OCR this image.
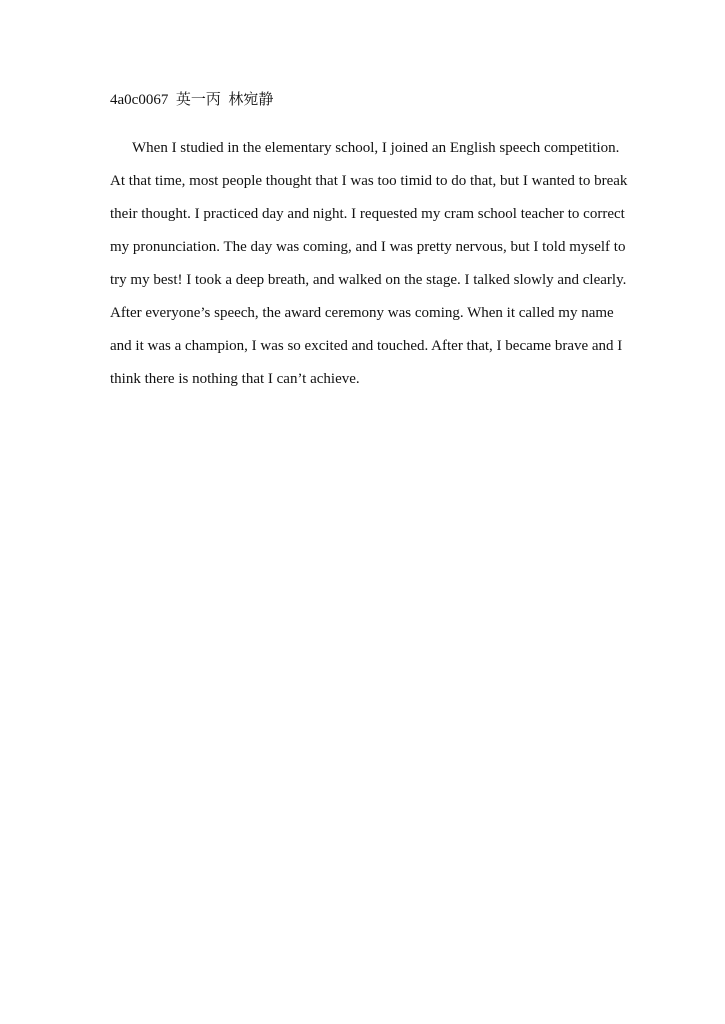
4a0c0067  英一丙  林宛静
When I studied in the elementary school, I joined an English speech competition.
At that time, most people thought that I was too timid to do that, but I wanted to break
their thought. I practiced day and night. I requested my cram school teacher to correct
my pronunciation. The day was coming, and I was pretty nervous, but I told myself to
try my best! I took a deep breath, and walked on the stage. I talked slowly and clearly.
After everyone’s speech, the award ceremony was coming. When it called my name
and it was a champion, I was so excited and touched. After that, I became brave and I
think there is nothing that I can’t achieve.
